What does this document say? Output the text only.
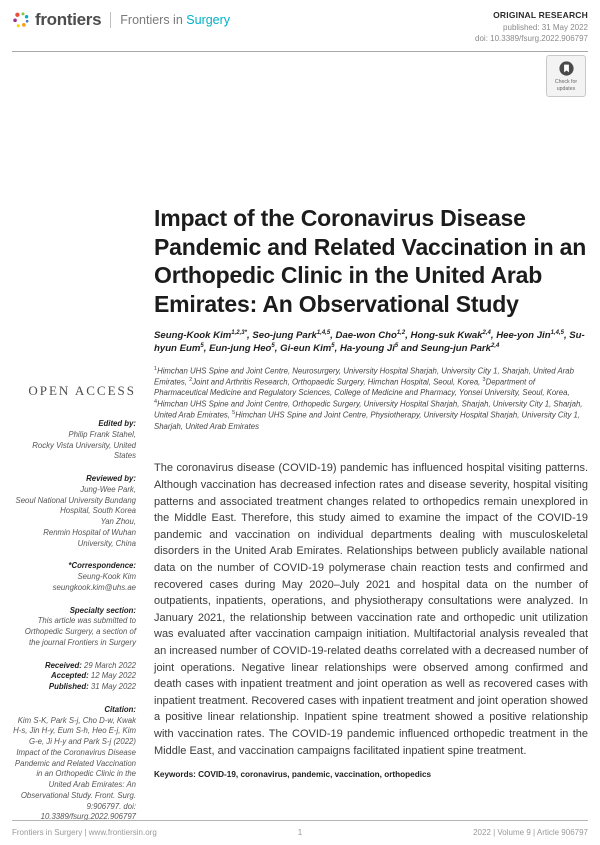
frontiers Frontiers in Surgery	ORIGINAL RESEARCH
published: 31 May 2022
doi: 10.3389/fsurg.2022.906797
Check for
updates
OPEN ACCESS
Edited by:
Philip Frank Stahel,
Rocky Vista University, United States
Reviewed by:
Jung-Wee Park,
Seoul National University Bundang Hospital, South Korea
Yan Zhou,
Renmin Hospital of Wuhan University, China
*Correspondence:
Seung-Kook Kim
seungkook.kim@uhs.ae
Specialty section:
This article was submitted to Orthopedic Surgery, a section of the journal Frontiers in Surgery
Received: 29 March 2022
Accepted: 12 May 2022
Published: 31 May 2022
Citation:
Kim S-K, Park S-j, Cho D-w, Kwak H-s, Jin H-y, Eum S-h, Heo E-j, Kim G-e, Ji H-y and Park S-j (2022) Impact of the Coronavirus Disease Pandemic and Related Vaccination in an Orthopedic Clinic in the United Arab Emirates: An Observational Study. Front. Surg. 9:906797. doi: 10.3389/fsurg.2022.906797
Impact of the Coronavirus Disease Pandemic and Related Vaccination in an Orthopedic Clinic in the United Arab Emirates: An Observational Study

Seung-Kook Kim$^{1,2,3*}$, Seo-jung Park$^{1,4,5}$, Dae-won Cho$^{1,2}$, Hong-suk Kwak$^{2,4}$, Hee-yon Jin$^{1,4,5}$, Su-hyun Eum$^5$, Eun-jung Heo$^5$, Gi-eun Kim$^5$, Ha-young Ji$^5$ and Seung-jun Park$^{2,4}$

$^1$Himchan UHS Spine and Joint Centre, Neurosurgery, University Hospital Sharjah, University City 1, Sharjah, United Arab Emirates, $^2$Joint and Arthritis Research, Orthopaedic Surgery, Himchan Hospital, Seoul, Korea, $^3$Department of Pharmaceutical Medicine and Regulatory Sciences, College of Medicine and Pharmacy, Yonsei University, Seoul, Korea, $^4$Himchan UHS Spine and Joint Centre, Orthopedic Surgery, University Hospital Sharjah, Sharjah, University City 1, Sharjah, United Arab Emirates, $^5$Himchan UHS Spine and Joint Centre, Physiotherapy, University Hospital Sharjah, University City 1, Sharjah, United Arab Emirates

The coronavirus disease (COVID-19) pandemic has influenced hospital visiting patterns. Although vaccination has decreased infection rates and disease severity, hospital visiting patterns and associated treatment changes related to orthopedics remain unexplored in the Middle East. Therefore, this study aimed to examine the impact of the COVID-19 pandemic and vaccination on individual departments dealing with musculoskeletal disorders in the United Arab Emirates. Relationships between publicly available national data on the number of COVID-19 polymerase chain reaction tests and confirmed and recovered cases during May 2020–July 2021 and hospital data on the number of outpatients, inpatients, operations, and physiotherapy consultations were analyzed. In January 2021, the relationship between vaccination rate and orthopedic unit utilization was evaluated after vaccination campaign initiation. Multifactorial analysis revealed that an increased number of COVID-19-related deaths correlated with a decreased number of joint operations. Negative linear relationships were observed among confirmed and death cases with inpatient treatment and joint operation as well as recovered cases with inpatient treatment. Recovered cases with inpatient treatment and joint operation showed a positive linear relationship. Inpatient spine treatment showed a positive relationship with vaccination rates. The COVID-19 pandemic influenced orthopedic treatment in the Middle East, and vaccination campaigns facilitated inpatient spine treatment.

Keywords: COVID-19, coronavirus, pandemic, vaccination, orthopedics

Frontiers in Surgery | www.frontiersin.org	1	2022 | Volume 9 | Article 906797
